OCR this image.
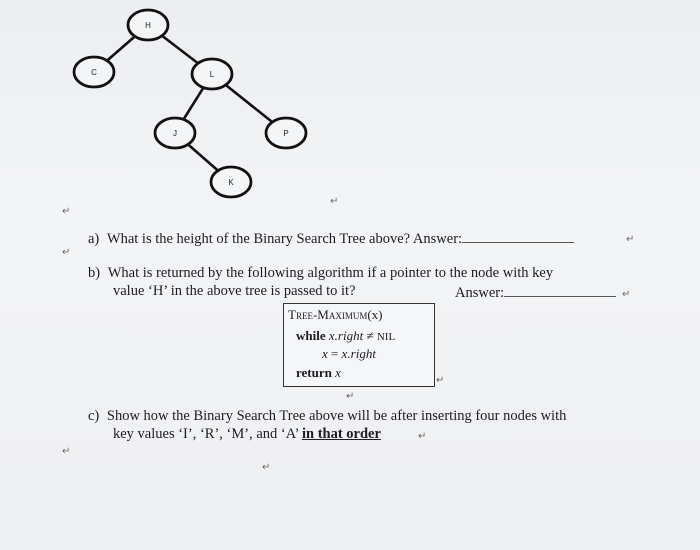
H
C	L
J	P
K
a) What is the height of the Binary Search Tree above? Answer:
b) What is returned by the following algorithm if a pointer to the node with key
value ‘H’ in the above tree is passed to it?	Answer:
Tree-Maximum(x)
while x.right ≠ NIL
x = x.right
return x
c) Show how the Binary Search Tree above will be after inserting four nodes with
key values ‘I’, ‘R’, ‘M’, and ‘A’ in that order
↵
↵
↵
↵
↵
↵
↵
↵
↵
↵
